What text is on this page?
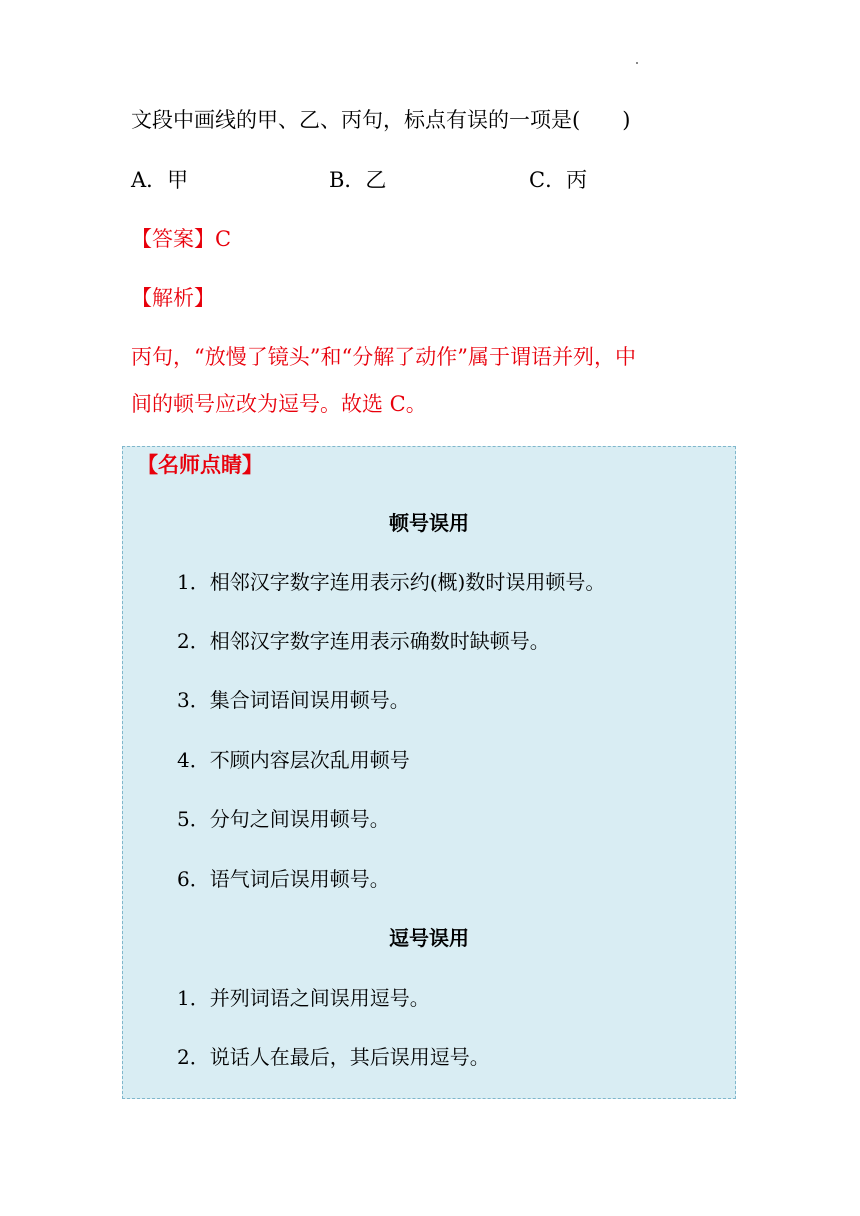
文段中画线的甲、乙、丙句，标点有误的一项是(　　)
A．甲	B．乙	C．丙
【答案】C
【解析】
丙句，“放慢了镜头”和“分解了动作”属于谓语并列，中
间的顿号应改为逗号。故选 C。
【名师点睛】
顿号误用
1．相邻汉字数字连用表示约(概)数时误用顿号。
2．相邻汉字数字连用表示确数时缺顿号。
3．集合词语间误用顿号。
4．不顾内容层次乱用顿号
5．分句之间误用顿号。
6．语气词后误用顿号。
逗号误用
1．并列词语之间误用逗号。
2．说话人在最后，其后误用逗号。
